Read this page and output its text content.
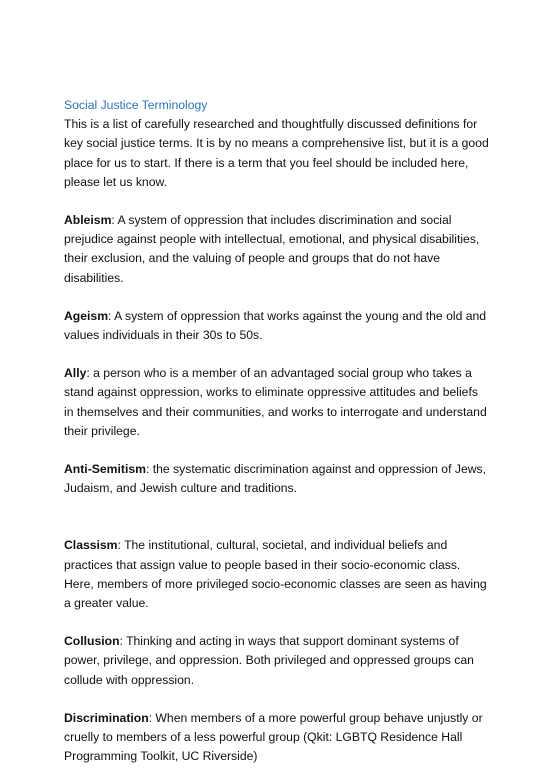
Social Justice Terminology

This is a list of carefully researched and thoughtfully discussed definitions for key social justice terms. It is by no means a comprehensive list, but it is a good place for us to start. If there is a term that you feel should be included here, please let us know.

Ableism: A system of oppression that includes discrimination and social prejudice against people with intellectual, emotional, and physical disabilities, their exclusion, and the valuing of people and groups that do not have disabilities.

Ageism: A system of oppression that works against the young and the old and values individuals in their 30s to 50s.

Ally: a person who is a member of an advantaged social group who takes a stand against oppression, works to eliminate oppressive attitudes and beliefs in themselves and their communities, and works to interrogate and understand their privilege.

Anti-Semitism: the systematic discrimination against and oppression of Jews, Judaism, and Jewish culture and traditions.

Classism: The institutional, cultural, societal, and individual beliefs and practices that assign value to people based in their socio-economic class. Here, members of more privileged socio-economic classes are seen as having a greater value.

Collusion: Thinking and acting in ways that support dominant systems of power, privilege, and oppression. Both privileged and oppressed groups can collude with oppression.

Discrimination: When members of a more powerful group behave unjustly or cruelly to members of a less powerful group (Qkit: LGBTQ Residence Hall Programming Toolkit, UC Riverside)
